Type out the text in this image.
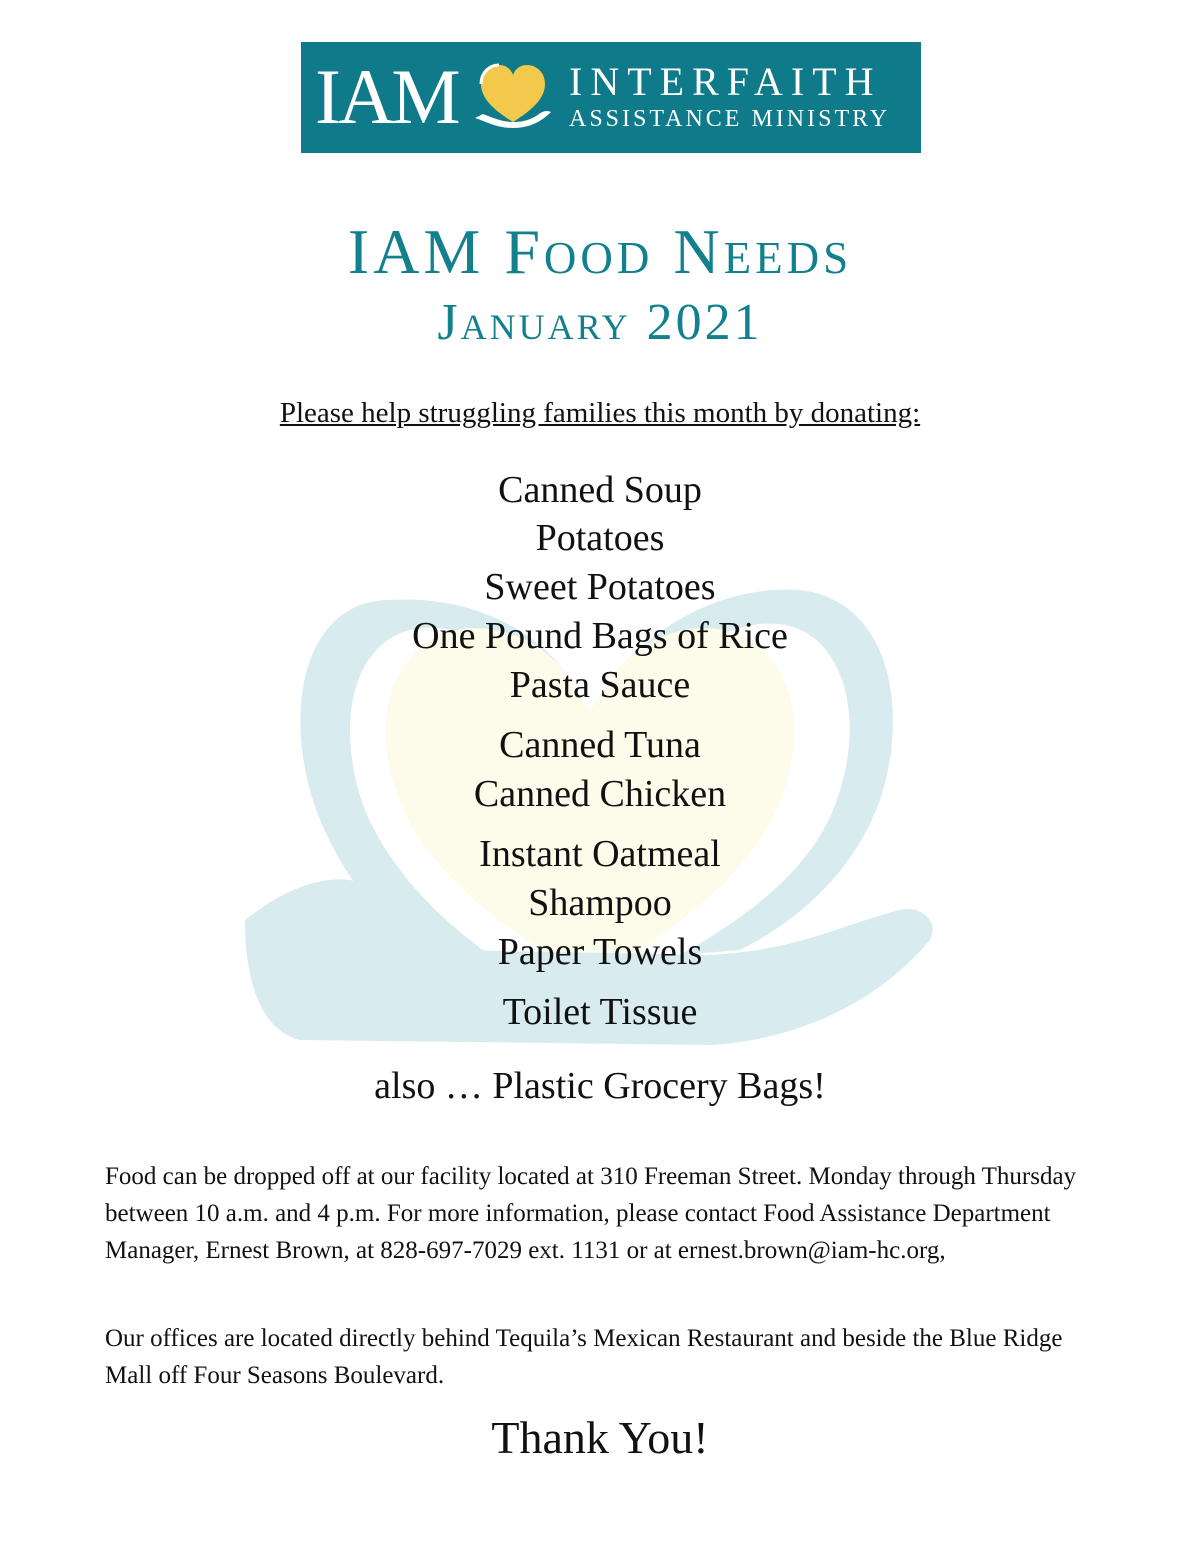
IAM	INTERFAITH
ASSISTANCE MINISTRY
IAM Food Needs
January 2021
Please help struggling families this month by donating:
Canned Soup
Potatoes
Sweet Potatoes
One Pound Bags of Rice
Pasta Sauce
Canned Tuna
Canned Chicken
Instant Oatmeal
Shampoo
Paper Towels
Toilet Tissue
also … Plastic Grocery Bags!
Food can be dropped off at our facility located at 310 Freeman Street. Monday through Thursday between 10 a.m. and 4 p.m. For more information, please contact Food Assistance Department Manager, Ernest Brown, at 828-697-7029 ext. 1131 or at ernest.brown@iam-hc.org,
Our offices are located directly behind Tequila’s Mexican Restaurant and beside the Blue Ridge Mall off Four Seasons Boulevard.
Thank You!
